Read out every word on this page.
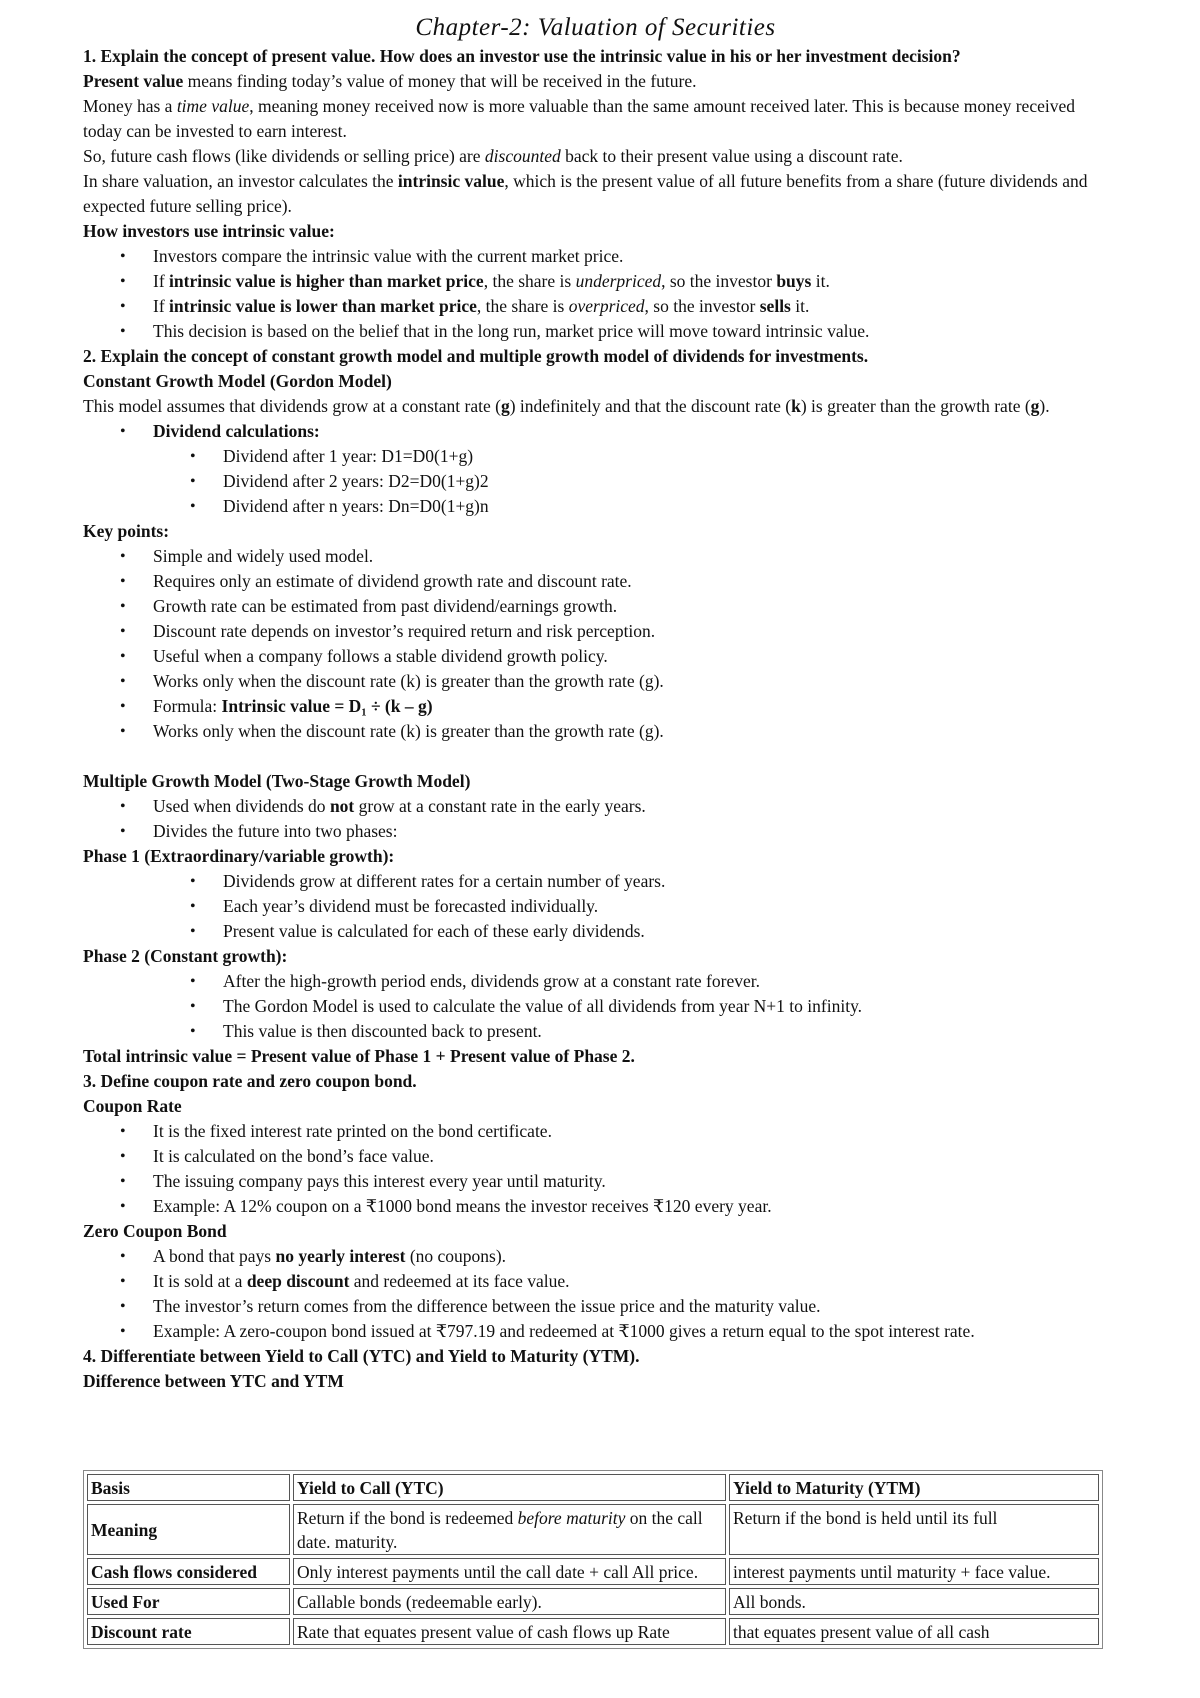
Chapter-2: Valuation of Securities

1. Explain the concept of present value. How does an investor use the intrinsic value in his or her investment decision?

Present value means finding today’s value of money that will be received in the future.

Money has a time value, meaning money received now is more valuable than the same amount received later. This is because money received today can be invested to earn interest.

So, future cash flows (like dividends or selling price) are discounted back to their present value using a discount rate.

In share valuation, an investor calculates the intrinsic value, which is the present value of all future benefits from a share (future dividends and expected future selling price).

How investors use intrinsic value:

• Investors compare the intrinsic value with the current market price.
• If intrinsic value is higher than market price, the share is underpriced, so the investor buys it.
• If intrinsic value is lower than market price, the share is overpriced, so the investor sells it.
• This decision is based on the belief that in the long run, market price will move toward intrinsic value.

2. Explain the concept of constant growth model and multiple growth model of dividends for investments.

Constant Growth Model (Gordon Model)

This model assumes that dividends grow at a constant rate (g) indefinitely and that the discount rate (k) is greater than the growth rate (g).

• Dividend calculations:
• Dividend after 1 year: D1=D0(1+g)
• Dividend after 2 years: D2=D0(1+g)2
• Dividend after n years: Dn=D0(1+g)n

Key points:

• Simple and widely used model.
• Requires only an estimate of dividend growth rate and discount rate.
• Growth rate can be estimated from past dividend/earnings growth.
• Discount rate depends on investor’s required return and risk perception.
• Useful when a company follows a stable dividend growth policy.
• Works only when the discount rate (k) is greater than the growth rate (g).
• Formula: Intrinsic value = D₁ ÷ (k – g)
• Works only when the discount rate (k) is greater than the growth rate (g).

Multiple Growth Model (Two-Stage Growth Model)

• Used when dividends do not grow at a constant rate in the early years.
• Divides the future into two phases:

Phase 1 (Extraordinary/variable growth):

• Dividends grow at different rates for a certain number of years.
• Each year’s dividend must be forecasted individually.
• Present value is calculated for each of these early dividends.

Phase 2 (Constant growth):

• After the high-growth period ends, dividends grow at a constant rate forever.
• The Gordon Model is used to calculate the value of all dividends from year N+1 to infinity.
• This value is then discounted back to present.

Total intrinsic value = Present value of Phase 1 + Present value of Phase 2.

3. Define coupon rate and zero coupon bond.

Coupon Rate

• It is the fixed interest rate printed on the bond certificate.
• It is calculated on the bond’s face value.
• The issuing company pays this interest every year until maturity.
• Example: A 12% coupon on a ₹1000 bond means the investor receives ₹120 every year.

Zero Coupon Bond

• A bond that pays no yearly interest (no coupons).
• It is sold at a deep discount and redeemed at its face value.
• The investor’s return comes from the difference between the issue price and the maturity value.
• Example: A zero-coupon bond issued at ₹797.19 and redeemed at ₹1000 gives a return equal to the spot interest rate.

4. Differentiate between Yield to Call (YTC) and Yield to Maturity (YTM).

Difference between YTC and YTM

Basis	Yield to Call (YTC)	Yield to Maturity (YTM)
Meaning	Return if the bond is redeemed before maturity on the call date. maturity.	Return if the bond is held until its full
Cash flows considered	Only interest payments until the call date + call All price.	interest payments until maturity + face value.
Used For	Callable bonds (redeemable early).	All bonds.
Discount rate	Rate that equates present value of cash flows up Rate	that equates present value of all cash
